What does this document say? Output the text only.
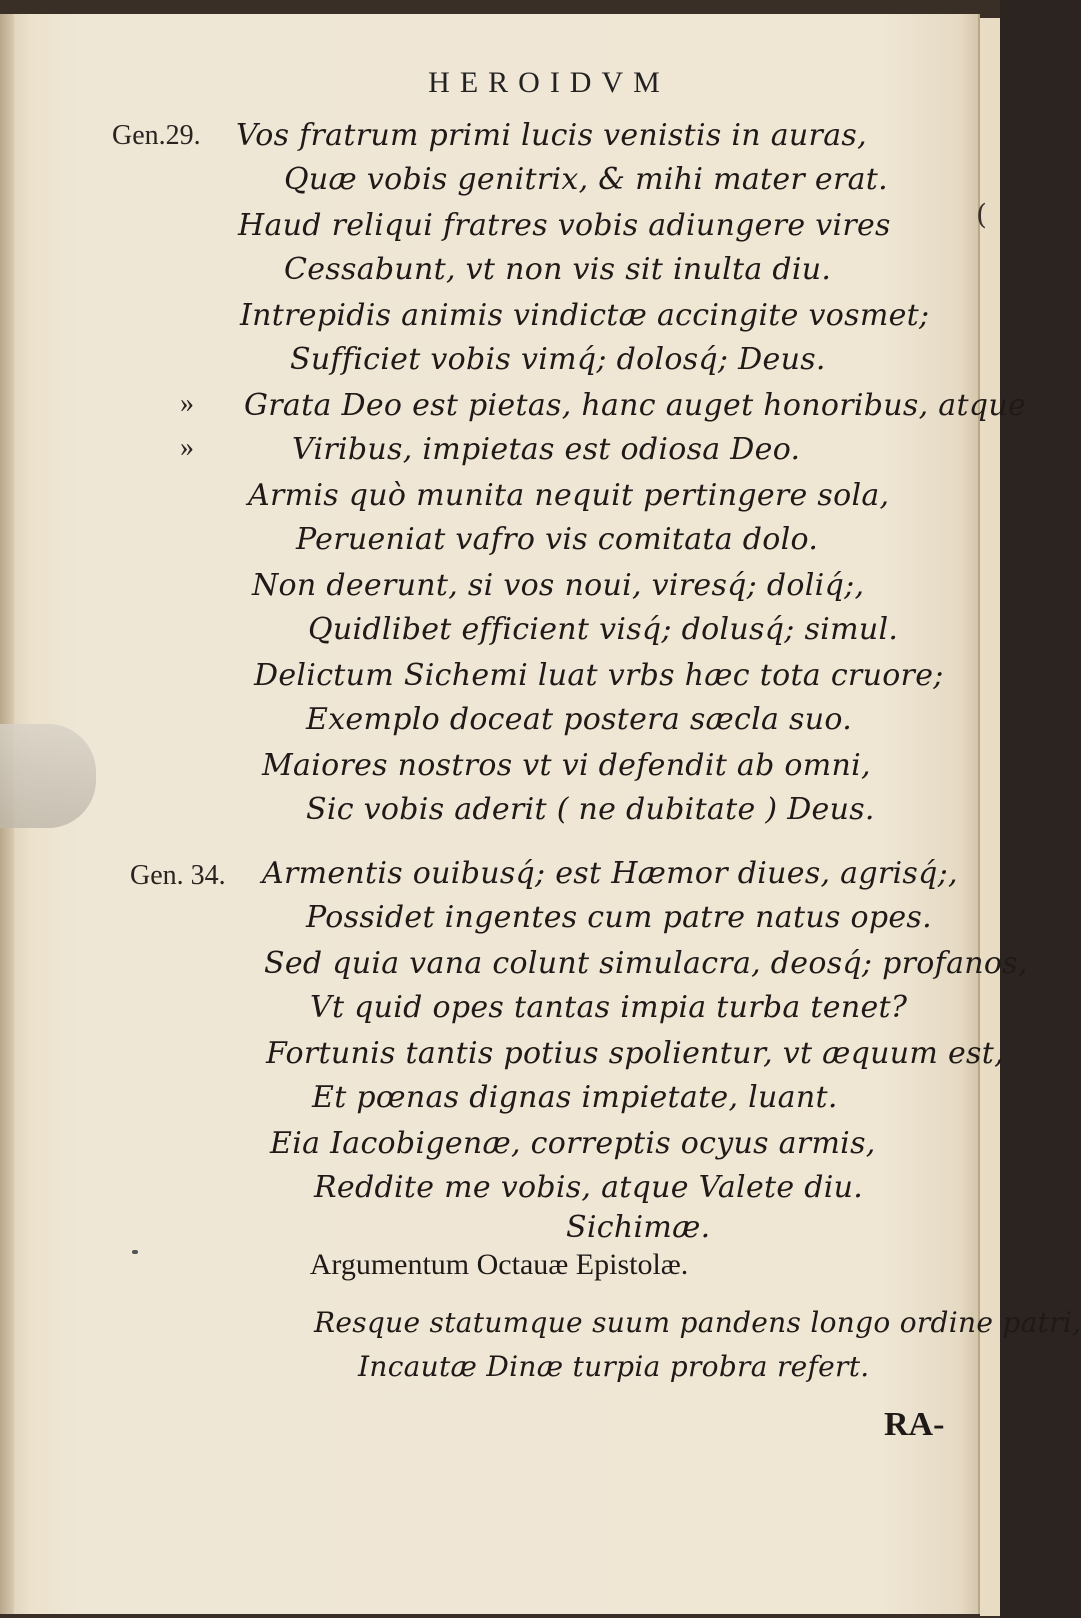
(
HEROIDVM
Gen.29.
»
»
Gen. 34.
Vos fratrum primi lucis venistis in auras,
Quæ vobis genitrix, & mihi mater erat.
Haud reliqui fratres vobis adiungere vires
Cessabunt, vt non vis sit inulta diu.
Intrepidis animis vindictæ accingite vosmet;
Sufficiet vobis vimq́; dolosq́; Deus.
Grata Deo est pietas, hanc auget honoribus, atque
Viribus, impietas est odiosa Deo.
Armis quò munita nequit pertingere sola,
Perueniat vafro vis comitata dolo.
Non deerunt, si vos noui, viresq́; doliq́;,
Quidlibet efficient visq́; dolusq́; simul.
Delictum Sichemi luat vrbs hæc tota cruore;
Exemplo doceat postera sæcla suo.
Maiores nostros vt vi defendit ab omni,
Sic vobis aderit ( ne dubitate ) Deus.
Armentis ouibusq́; est Hæmor diues, agrisq́;,
Possidet ingentes cum patre natus opes.
Sed quia vana colunt simulacra, deosq́; profanos,
Vt quid opes tantas impia turba tenet?
Fortunis tantis potius spolientur, vt æquum est,
Et pœnas dignas impietate, luant.
Eia Iacobigenæ, correptis ocyus armis,
Reddite me vobis, atque Valete diu.
Sichimæ.
Argumentum Octauæ Epistolæ.
Resque statumque suum pandens longo ordine patri,
Incautæ Dinæ turpia probra refert.
RA-
